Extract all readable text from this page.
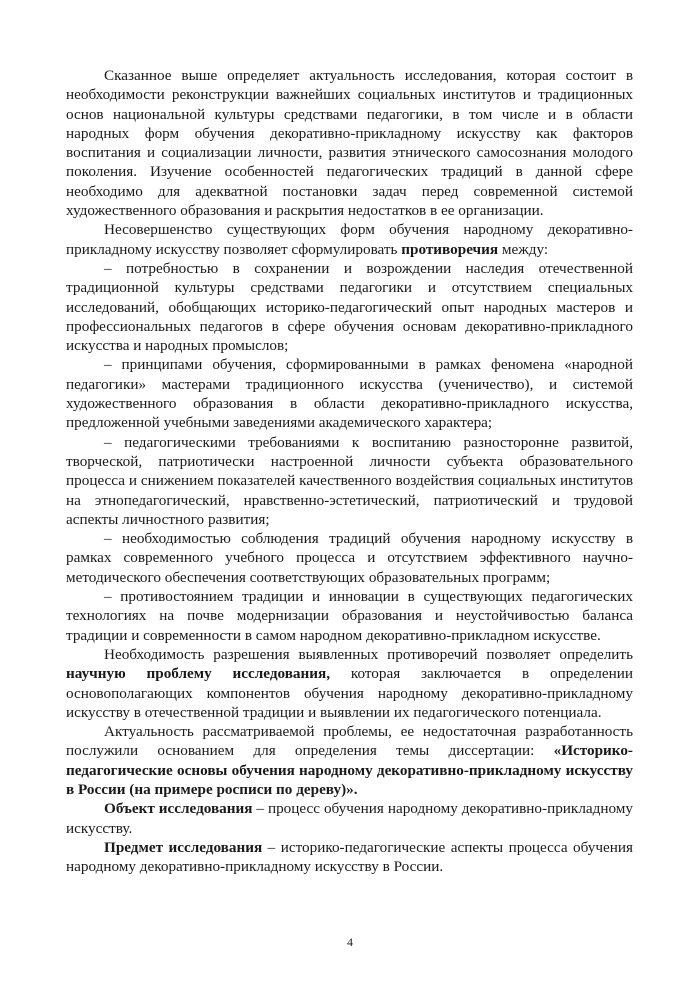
Сказанное выше определяет актуальность исследования, которая состоит в необходимости реконструкции важнейших социальных институтов и традиционных основ национальной культуры средствами педагогики, в том числе и в области народных форм обучения декоративно-прикладному искусству как факторов воспитания и социализации личности, развития этнического самосознания молодого поколения. Изучение особенностей педагогических традиций в данной сфере необходимо для адекватной постановки задач перед современной системой художественного образования и раскрытия недостатков в ее организации.

Несовершенство существующих форм обучения народному декоративно-прикладному искусству позволяет сформулировать противоречия между:

– потребностью в сохранении и возрождении наследия отечественной традиционной культуры средствами педагогики и отсутствием специальных исследований, обобщающих историко-педагогический опыт народных мастеров и профессиональных педагогов в сфере обучения основам декоративно-прикладного искусства и народных промыслов;

– принципами обучения, сформированными в рамках феномена «народной педагогики» мастерами традиционного искусства (ученичество), и системой художественного образования в области декоративно-прикладного искусства, предложенной учебными заведениями академического характера;

– педагогическими требованиями к воспитанию разносторонне развитой, творческой, патриотически настроенной личности субъекта образовательного процесса и снижением показателей качественного воздействия социальных институтов на этнопедагогический, нравственно-эстетический, патриотический и трудовой аспекты личностного развития;

– необходимостью соблюдения традиций обучения народному искусству в рамках современного учебного процесса и отсутствием эффективного научно-методического обеспечения соответствующих образовательных программ;

– противостоянием традиции и инновации в существующих педагогических технологиях на почве модернизации образования и неустойчивостью баланса традиции и современности в самом народном декоративно-прикладном искусстве.

Необходимость разрешения выявленных противоречий позволяет определить научную проблему исследования, которая заключается в определении основополагающих компонентов обучения народному декоративно-прикладному искусству в отечественной традиции и выявлении их педагогического потенциала.

Актуальность рассматриваемой проблемы, ее недостаточная разработанность послужили основанием для определения темы диссертации: «Историко-педагогические основы обучения народному декоративно-прикладному искусству в России (на примере росписи по дереву)».

Объект исследования – процесс обучения народному декоративно-прикладному искусству.

Предмет исследования – историко-педагогические аспекты процесса обучения народному декоративно-прикладному искусству в России.

4
